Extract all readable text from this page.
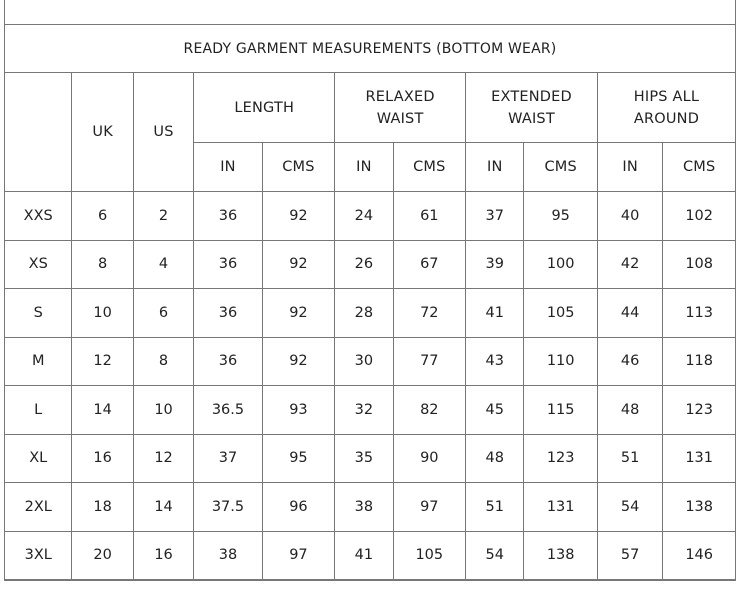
READY GARMENT MEASUREMENTS (BOTTOM WEAR)										
	UK	US	LENGTH		RELAXED WAIST		EXTENDED WAIST		HIPS ALL AROUND	
			IN	CMS	IN	CMS	IN	CMS	IN	CMS
XXS	6	2	36	92	24	61	37	95	40	102
XS	8	4	36	92	26	67	39	100	42	108
S	10	6	36	92	28	72	41	105	44	113
M	12	8	36	92	30	77	43	110	46	118
L	14	10	36.5	93	32	82	45	115	48	123
XL	16	12	37	95	35	90	48	123	51	131
2XL	18	14	37.5	96	38	97	51	131	54	138
3XL	20	16	38	97	41	105	54	138	57	146
